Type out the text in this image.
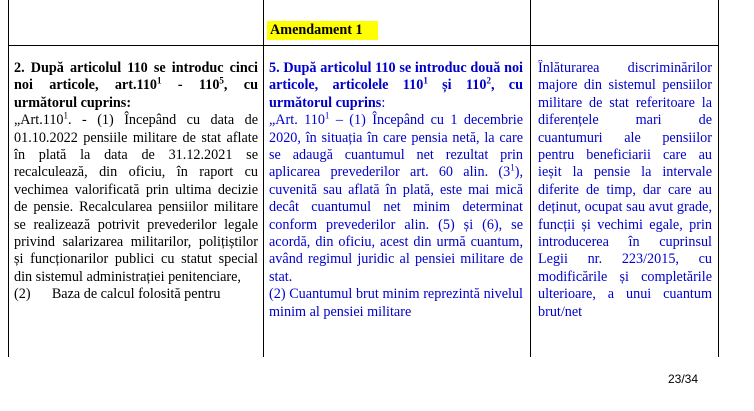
Amendament 1

2. După articolul 110 se introduc cinci noi articole, $art.110^1 - 110^5$, cu următorul cuprins:

„Art.110$^1$. - (1) Începând cu data de 01.10.2022 pensiile militare de stat aflate în plată la data de 31.12.2021 se recalculează, din oficiu, în raport cu vechimea valorificată prin ultima decizie de pensie. Recalcularea pensiilor militare se realizează potrivit prevederilor legale privind salarizarea militarilor, polițiștilor și funcționarilor publici cu statut special din sistemul administrației penitenciare,

(2) Baza de calcul folosită pentru

5. După articolul 110 se introduc două noi articole, articolele $110^1$ și $110^2$, cu următorul cuprins:

„Art. $110^1 - (1)$ Începând cu 1 decembrie 2020, în situația în care pensia netă, la care se adaugă cuantumul net rezultat prin aplicarea prevederilor art. 60 alin. $(3^1)$, cuvenită sau aflată în plată, este mai mică decât cuantumul net minim determinat conform prevederilor alin. (5) și (6), se acordă, din oficiu, acest din urmă cuantum, având regimul juridic al pensiei militare de stat.

(2) Cuantumul brut minim reprezintă nivelul minim al pensiei militare

Înlăturarea discriminărilor majore din sistemul pensiilor militare de stat referitoare la diferențele mari de cuantumuri ale pensiilor pentru beneficiarii care au ieșit la pensie la intervale diferite de timp, dar care au deținut, ocupat sau avut grade, funcții și vechimi egale, prin introducerea în cuprinsul Legii nr. 223/2015, cu modificările și completările ulterioare, a unui cuantum brut/net

23/34
